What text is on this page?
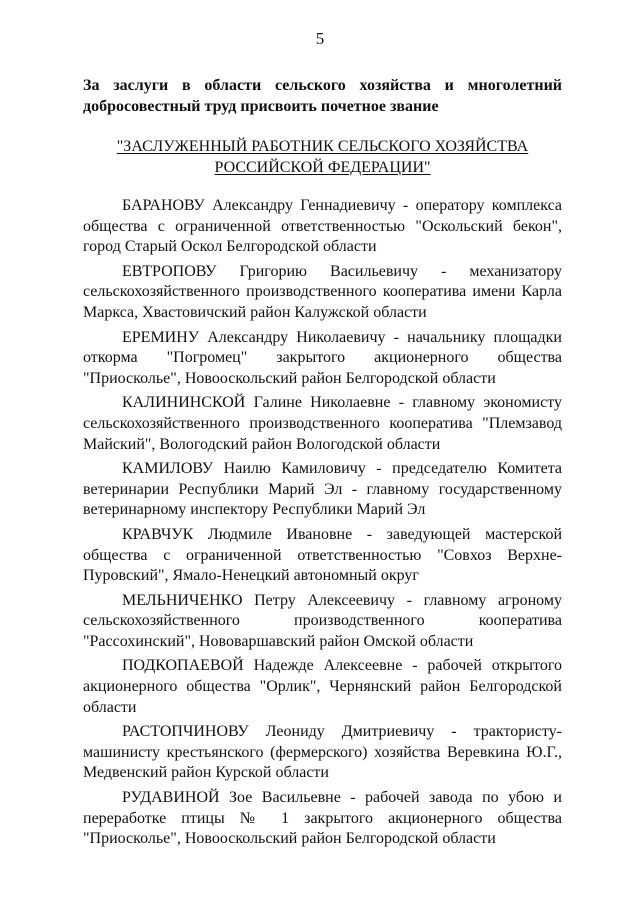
5
За заслуги в области сельского хозяйства и многолетний
добросовестный труд присвоить почетное звание
"ЗАСЛУЖЕННЫЙ РАБОТНИК СЕЛЬСКОГО ХОЗЯЙСТВА
РОССИЙСКОЙ ФЕДЕРАЦИИ"
БАРАНОВУ Александру Геннадиевичу - оператору комплекса
общества с ограниченной ответственностью "Оскольский бекон",
город Старый Оскол Белгородской области
ЕВТРОПОВУ Григорию Васильевичу - механизатору
сельскохозяйственного производственного кооператива имени Карла
Маркса, Хвастовичский район Калужской области
ЕРЕМИНУ Александру Николаевичу - начальнику площадки
откорма "Погромец" закрытого акционерного общества
"Приосколье", Новооскольский район Белгородской области
КАЛИНИНСКОЙ Галине Николаевне - главному экономисту
сельскохозяйственного производственного кооператива "Племзавод
Майский", Вологодский район Вологодской области
КАМИЛОВУ Наилю Камиловичу - председателю Комитета
ветеринарии Республики Марий Эл - главному государственному
ветеринарному инспектору Республики Марий Эл
КРАВЧУК Людмиле Ивановне - заведующей мастерской
общества с ограниченной ответственностью "Совхоз Верхне-
Пуровский", Ямало-Ненецкий автономный округ
МЕЛЬНИЧЕНКО Петру Алексеевичу - главному агроному
сельскохозяйственного производственного кооператива
"Рассохинский", Нововаршавский район Омской области
ПОДКОПАЕВОЙ Надежде Алексеевне - рабочей открытого
акционерного общества "Орлик", Чернянский район Белгородской
области
РАСТОПЧИНОВУ Леониду Дмитриевичу - трактористу-
машинисту крестьянского (фермерского) хозяйства Веревкина Ю.Г.,
Медвенский район Курской области
РУДАВИНОЙ Зое Васильевне - рабочей завода по убою и
переработке птицы № 1 закрытого акционерного общества
"Приосколье", Новооскольский район Белгородской области
